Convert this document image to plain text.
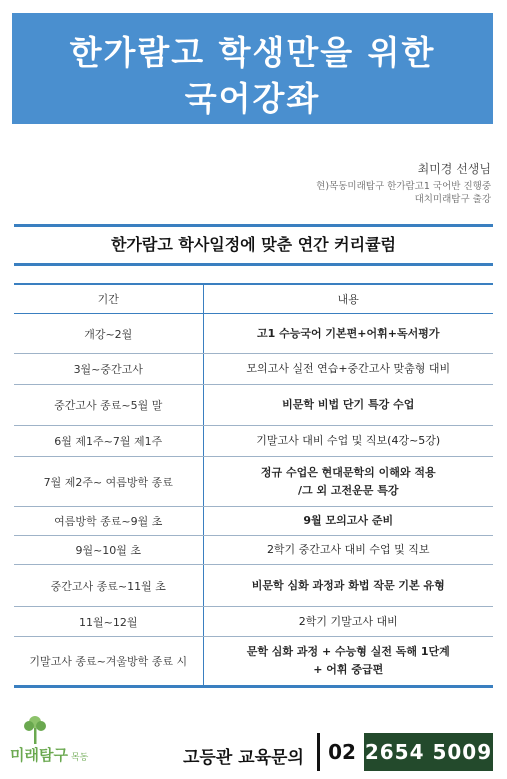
한가람고 학생만을 위한
국어강좌
최미경 선생님
현)목동미래탐구 한가람고1 국어반 진행중
대치미래탐구 출강
한가람고 학사일정에 맞춘 연간 커리큘럼
기간	내용
개강~2월	고1 수능국어 기본편+어휘+독서평가
3월~중간고사	모의고사 실전 연습+중간고사 맞춤형 대비
중간고사 종료~5월 말	비문학 비법 단기 특강 수업
6월 제1주~7월 제1주	기말고사 대비 수업 및 직보(4강~5강)
7월 제2주~ 여름방학 종료	정규 수업은 현대문학의 이해와 적용
/그 외 고전운문 특강

여름방학 종료~9월 초	9월 모의고사 준비
9월~10월 초	2학기 중간고사 대비 수업 및 직보
중간고사 종료~11월 초	비문학 심화 과정과 화법 작문 기본 유형
11월~12월	2학기 기말고사 대비
기말고사 종료~겨울방학 종료 시	문학 심화 과정 + 수능형 실전 독해 1단계
+ 어휘 중급편
미래탐구 목동	고등관 교육문의	02 2654 5009
